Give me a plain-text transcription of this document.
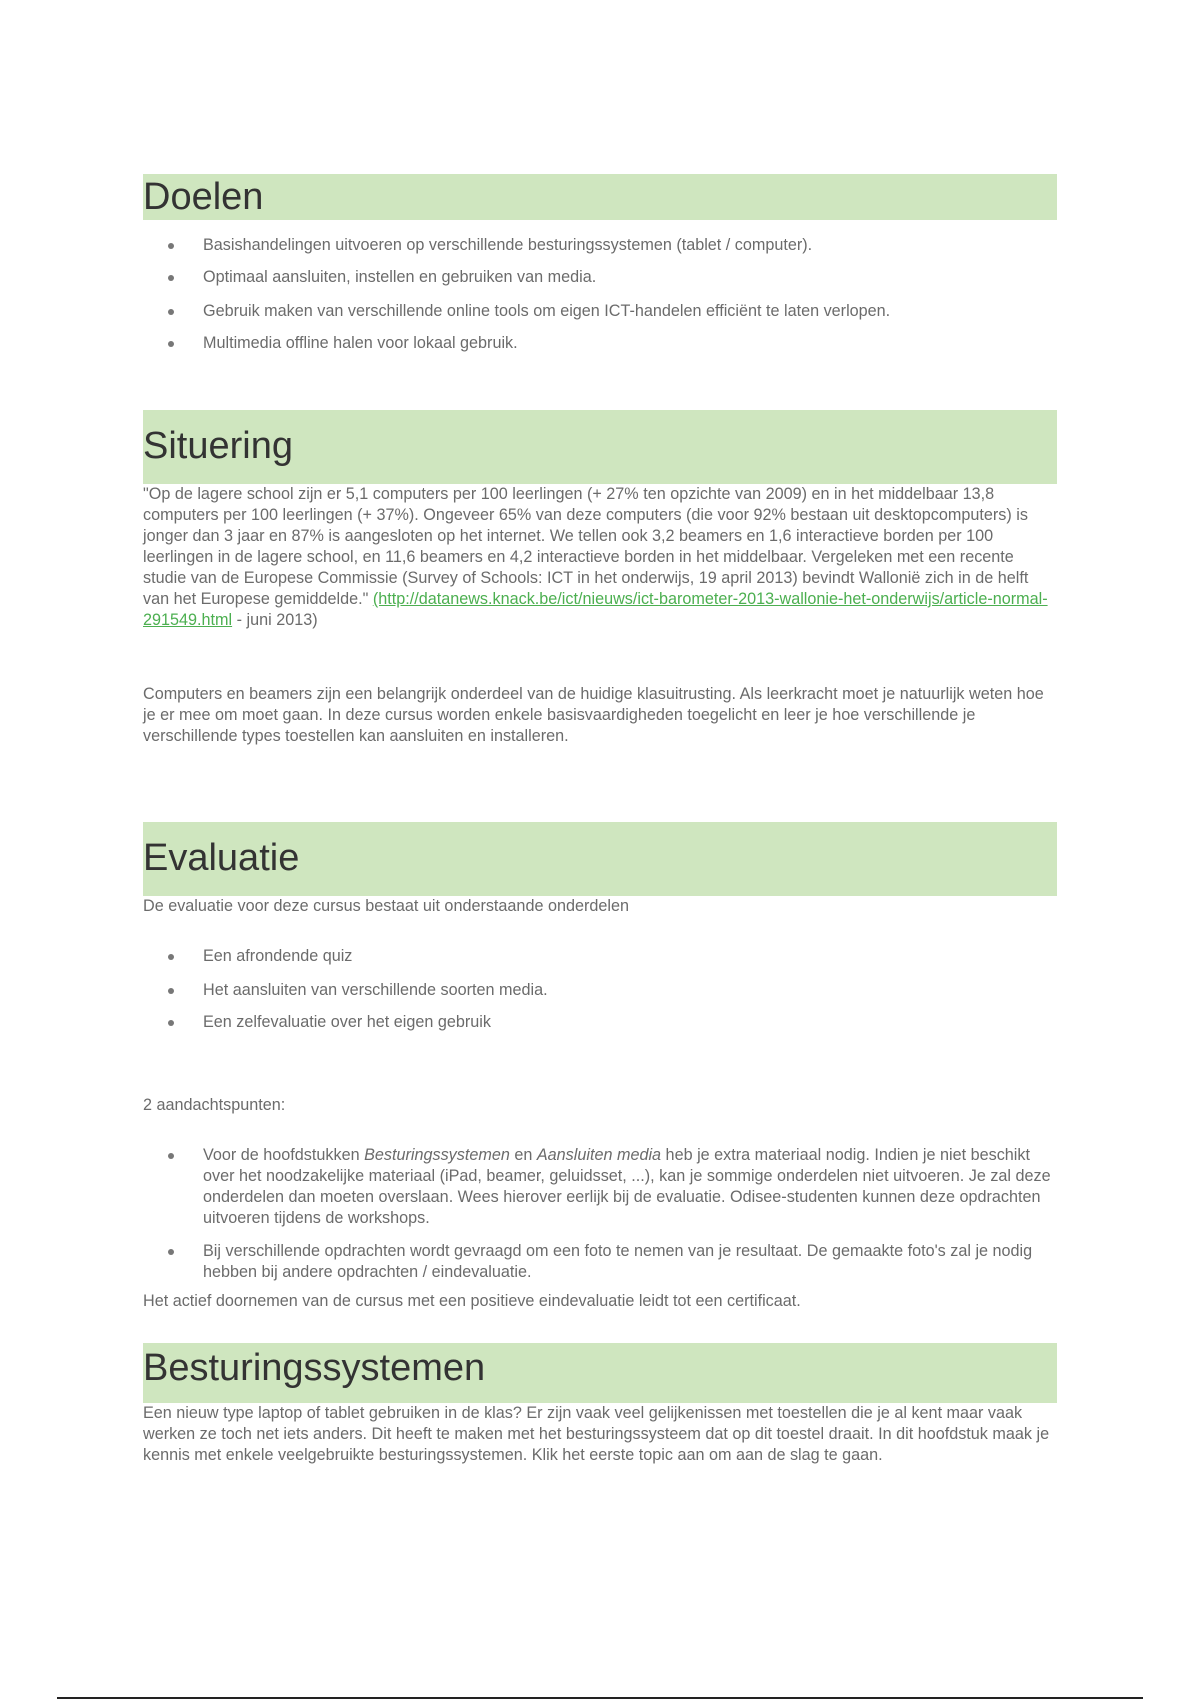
Doelen
Basishandelingen uitvoeren op verschillende besturingssystemen (tablet / computer).
Optimaal aansluiten, instellen en gebruiken van media.
Gebruik maken van verschillende online tools om eigen ICT-handelen efficiënt te laten verlopen.
Multimedia offline halen voor lokaal gebruik.
Situering

"Op de lagere school zijn er 5,1 computers per 100 leerlingen (+ 27% ten opzichte van 2009) en in het middelbaar 13,8 computers per 100 leerlingen (+ 37%). Ongeveer 65% van deze computers (die voor 92% bestaan uit desktopcomputers) is jonger dan 3 jaar en 87% is aangesloten op het internet. We tellen ook 3,2 beamers en 1,6 interactieve borden per 100 leerlingen in de lagere school, en 11,6 beamers en 4,2 interactieve borden in het middelbaar. Vergeleken met een recente studie van de Europese Commissie (Survey of Schools: ICT in het onderwijs, 19 april 2013) bevindt Wallonië zich in de helft van het Europese gemiddelde." (http://datanews.knack.be/ict/nieuws/ict-barometer-2013-wallonie-het-onderwijs/article-normal-291549.html - juni 2013)

Computers en beamers zijn een belangrijk onderdeel van de huidige klasuitrusting. Als leerkracht moet je natuurlijk weten hoe je er mee om moet gaan. In deze cursus worden enkele basisvaardigheden toegelicht en leer je hoe verschillende je verschillende types toestellen kan aansluiten en installeren.

Evaluatie

De evaluatie voor deze cursus bestaat uit onderstaande onderdelen

Een afrondende quiz
Het aansluiten van verschillende soorten media.
Een zelfevaluatie over het eigen gebruik

2 aandachtspunten:

Voor de hoofdstukken Besturingssystemen en Aansluiten media heb je extra materiaal nodig. Indien je niet beschikt over het noodzakelijke materiaal (iPad, beamer, geluidsset, ...), kan je sommige onderdelen niet uitvoeren. Je zal deze onderdelen dan moeten overslaan. Wees hierover eerlijk bij de evaluatie. Odisee-studenten kunnen deze opdrachten uitvoeren tijdens de workshops.
Bij verschillende opdrachten wordt gevraagd om een foto te nemen van je resultaat. De gemaakte foto's zal je nodig hebben bij andere opdrachten / eindevaluatie.

Het actief doornemen van de cursus met een positieve eindevaluatie leidt tot een certificaat.

Besturingssystemen

Een nieuw type laptop of tablet gebruiken in de klas? Er zijn vaak veel gelijkenissen met toestellen die je al kent maar vaak werken ze toch net iets anders. Dit heeft te maken met het besturingssysteem dat op dit toestel draait. In dit hoofdstuk maak je kennis met enkele veelgebruikte besturingssystemen. Klik het eerste topic aan om aan de slag te gaan.
